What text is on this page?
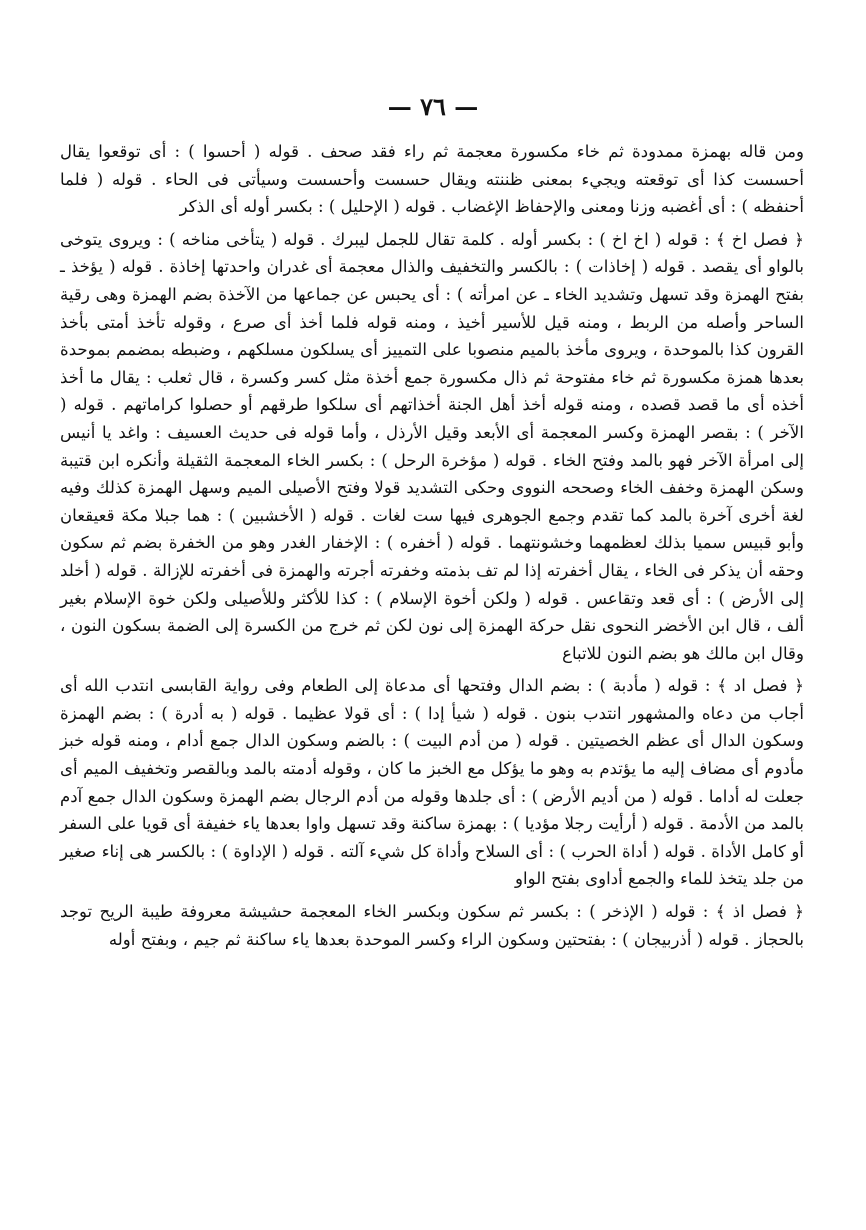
— ٧٦ —

ومن قاله بهمزة ممدودة ثم خاء مكسورة معجمة ثم راء فقد صحف . قوله ( أحسوا ) : أى توقعوا يقال أحسست كذا أى توقعته ويجيء بمعنى ظننته ويقال حسست وأحسست وسيأتى فى الحاء . قوله ( فلما أحنفظه ) : أى أغضبه وزنا ومعنى والإحفاظ الإغضاب . قوله ( الإحليل ) : بكسر أوله أى الذكر

﴿ فصل اخ ﴾ : قوله ( اخ اخ ) : بكسر أوله . كلمة تقال للجمل ليبرك . قوله ( يتأخى مناخه ) : ويروى يتوخى بالواو أى يقصد . قوله ( إخاذات ) : بالكسر والتخفيف والذال معجمة أى غدران واحدتها إخاذة . قوله ( يؤخذ ـ بفتح الهمزة وقد تسهل وتشديد الخاء ـ عن امرأته ) : أى يحبس عن جماعها من الآخذة بضم الهمزة وهى رقية الساحر وأصله من الربط ، ومنه قيل للأسير أخيذ ، ومنه قوله فلما أخذ أى صرع ، وقوله تأخذ أمتى بأخذ القرون كذا بالموحدة ، ويروى مأخذ بالميم منصوبا على التمييز أى يسلكون مسلكهم ، وضبطه بمضمم بموحدة بعدها همزة مكسورة ثم خاء مفتوحة ثم ذال مكسورة جمع أخذة مثل كسر وكسرة ، قال ثعلب : يقال ما أخذ أخذه أى ما قصد قصده ، ومنه قوله أخذ أهل الجنة أخذاتهم أى سلكوا طرقهم أو حصلوا كراماتهم . قوله ( الآخر ) : بقصر الهمزة وكسر المعجمة أى الأبعد وقيل الأرذل ، وأما قوله فى حديث العسيف : واغد يا أنيس إلى امرأة الآخر فهو بالمد وفتح الخاء . قوله ( مؤخرة الرحل ) : بكسر الخاء المعجمة الثقيلة وأنكره ابن قتيبة وسكن الهمزة وخفف الخاء وصححه النووى وحكى التشديد قولا وفتح الأصيلى الميم وسهل الهمزة كذلك وفيه لغة أخرى آخرة بالمد كما تقدم وجمع الجوهرى فيها ست لغات . قوله ( الأخشبين ) : هما جبلا مكة قعيقعان وأبو قبيس سميا بذلك لعظمهما وخشونتهما . قوله ( أخفره ) : الإخفار الغدر وهو من الخفرة بضم ثم سكون وحقه أن يذكر فى الخاء ، يقال أخفرته إذا لم تف بذمته وخفرته أجرته والهمزة فى أخفرته للإزالة . قوله ( أخلد إلى الأرض ) : أى قعد وتقاعس . قوله ( ولكن أخوة الإسلام ) : كذا للأكثر وللأصيلى ولكن خوة الإسلام بغير ألف ، قال ابن الأخضر النحوى نقل حركة الهمزة إلى نون لكن ثم خرج من الكسرة إلى الضمة بسكون النون ، وقال ابن مالك هو بضم النون للاتباع

﴿ فصل اد ﴾ : قوله ( مأدبة ) : بضم الدال وفتحها أى مدعاة إلى الطعام وفى رواية القابسى انتدب الله أى أجاب من دعاه والمشهور انتدب بنون . قوله ( شيأ إدا ) : أى قولا عظيما . قوله ( به أدرة ) : بضم الهمزة وسكون الدال أى عظم الخصيتين . قوله ( من أدم البيت ) : بالضم وسكون الدال جمع أدام ، ومنه قوله خبز مأدوم أى مضاف إليه ما يؤتدم به وهو ما يؤكل مع الخبز ما كان ، وقوله أدمته بالمد وبالقصر وتخفيف الميم أى جعلت له أداما . قوله ( من أديم الأرض ) : أى جلدها وقوله من أدم الرجال بضم الهمزة وسكون الدال جمع آدم بالمد من الأدمة . قوله ( أرأيت رجلا مؤديا ) : بهمزة ساكنة وقد تسهل واوا بعدها ياء خفيفة أى قويا على السفر أو كامل الأداة . قوله ( أداة الحرب ) : أى السلاح وأداة كل شيء آلته . قوله ( الإداوة ) : بالكسر هى إناء صغير من جلد يتخذ للماء والجمع أداوى بفتح الواو

﴿ فصل اذ ﴾ : قوله ( الإذخر ) : بكسر ثم سكون وبكسر الخاء المعجمة حشيشة معروفة طيبة الريح توجد بالحجاز . قوله ( أذربيجان ) : بفتحتين وسكون الراء وكسر الموحدة بعدها ياء ساكنة ثم جيم ، وبفتح أوله
